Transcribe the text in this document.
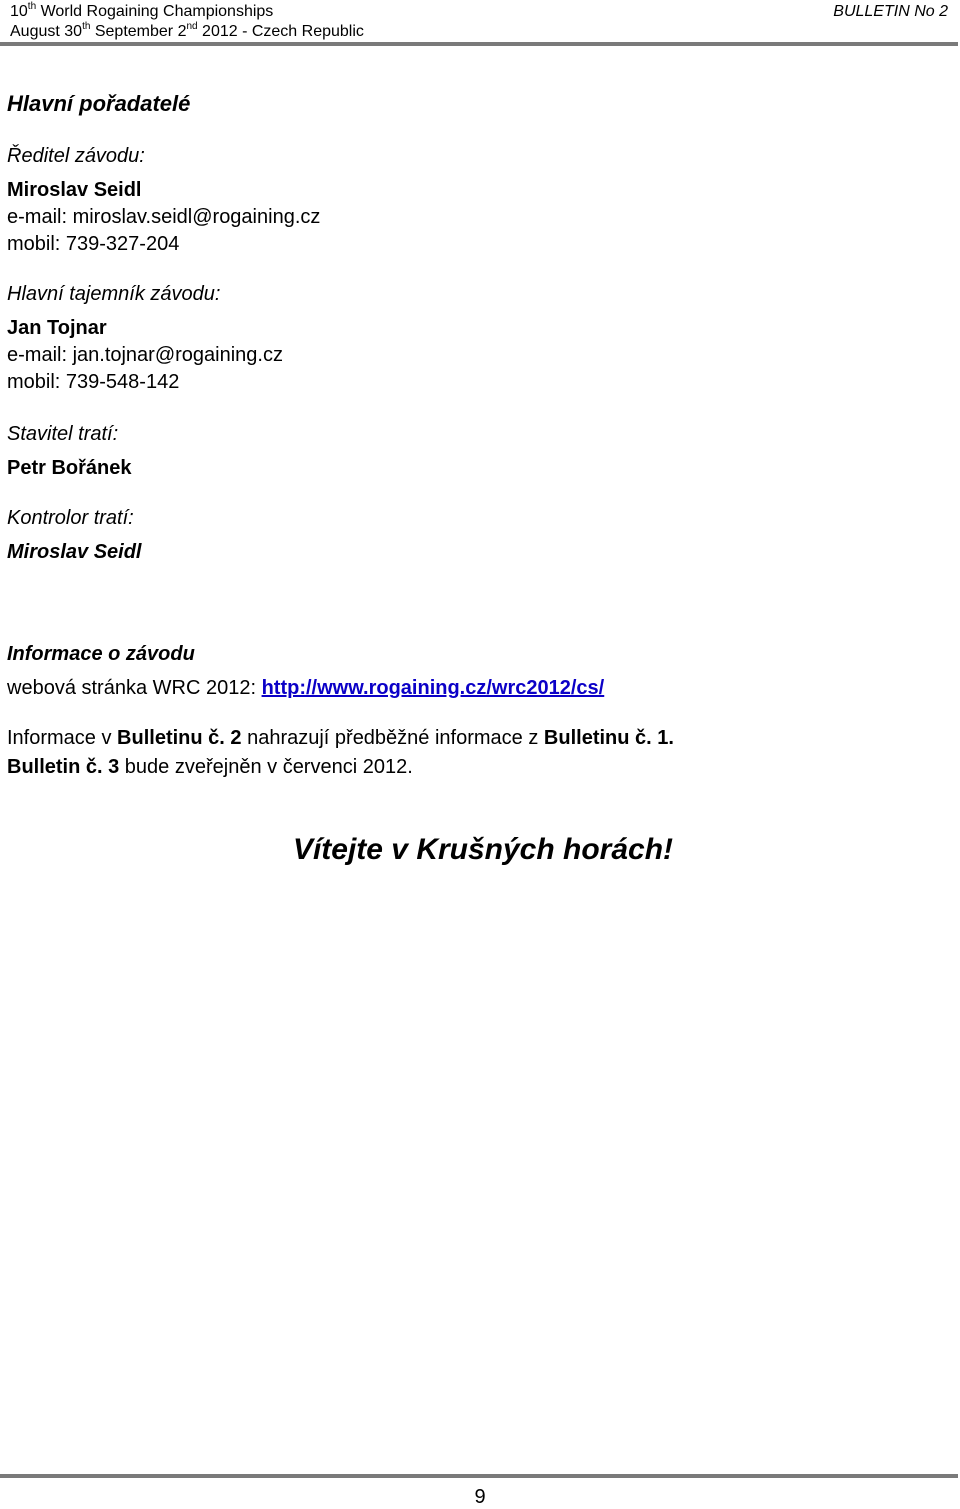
10th World Rogaining Championships
August 30th September 2nd 2012 - Czech Republic
BULLETIN No 2

Hlavní pořadatelé

Ředitel závodu:

Miroslav Seidl

e-mail: miroslav.seidl@rogaining.cz

mobil: 739-327-204

Hlavní tajemník závodu:

Jan Tojnar

e-mail: jan.tojnar@rogaining.cz

mobil: 739-548-142

Stavitel tratí:

Petr Bořánek

Kontrolor tratí:

Miroslav Seidl

Informace o závodu

webová stránka WRC 2012: http://www.rogaining.cz/wrc2012/cs/

Informace v Bulletinu č. 2 nahrazují předběžné informace z Bulletinu č. 1.
Bulletin č. 3 bude zveřejněn v červenci 2012.

Vítejte v Krušných horách!

9
